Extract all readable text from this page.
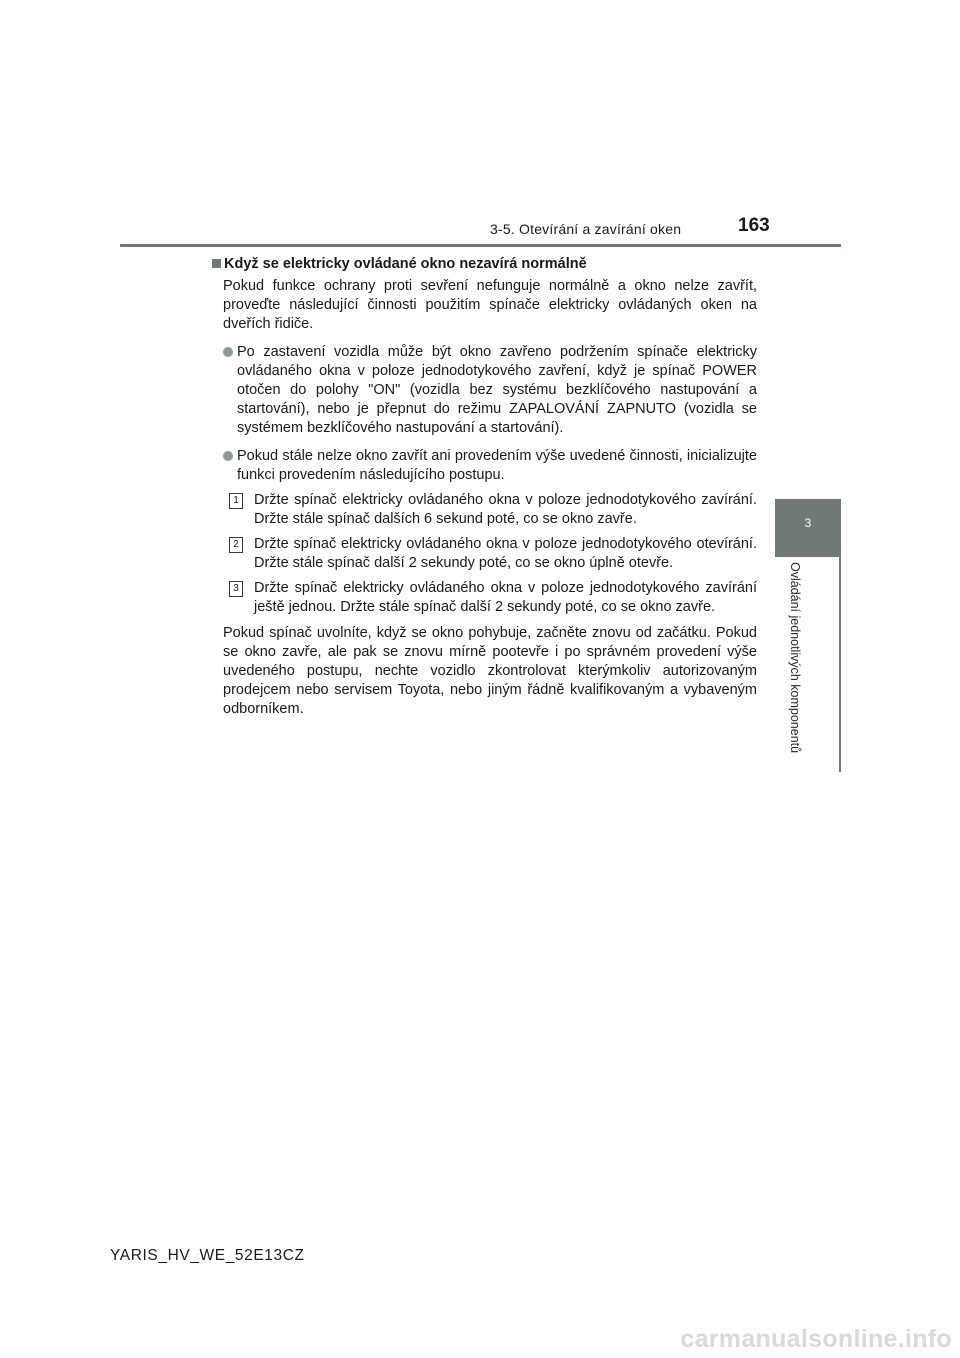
3-5. Otevírání a zavírání oken	163
3
Ovládání jednotlivých komponentů
Když se elektricky ovládané okno nezavírá normálně

Pokud funkce ochrany proti sevření nefunguje normálně a okno nelze zavřít, proveďte následující činnosti použitím spínače elektricky ovládaných oken na dveřích řidiče.

Po zastavení vozidla může být okno zavřeno podržením spínače elektricky ovládaného okna v poloze jednodotykového zavření, když je spínač POWER otočen do polohy "ON" (vozidla bez systému bezklíčového nastupování a startování), nebo je přepnut do režimu ZAPALOVÁNÍ ZAPNUTO (vozidla se systémem bezklíčového nastupování a startování).
Pokud stále nelze okno zavřít ani provedením výše uvedené činnosti, inicializujte funkci provedením následujícího postupu.
1 Držte spínač elektricky ovládaného okna v poloze jednodotykového zavírání. Držte stále spínač dalších 6 sekund poté, co se okno zavře.
2 Držte spínač elektricky ovládaného okna v poloze jednodotykového otevírání. Držte stále spínač další 2 sekundy poté, co se okno úplně otevře.
3 Držte spínač elektricky ovládaného okna v poloze jednodotykového zavírání ještě jednou. Držte stále spínač další 2 sekundy poté, co se okno zavře.

Pokud spínač uvolníte, když se okno pohybuje, začněte znovu od začátku. Pokud se okno zavře, ale pak se znovu mírně pootevře i po správném provedení výše uvedeného postupu, nechte vozidlo zkontrolovat kterýmkoliv autorizovaným prodejcem nebo servisem Toyota, nebo jiným řádně kvalifikovaným a vybaveným odborníkem.

YARIS_HV_WE_52E13CZ
carmanualsonline.info
